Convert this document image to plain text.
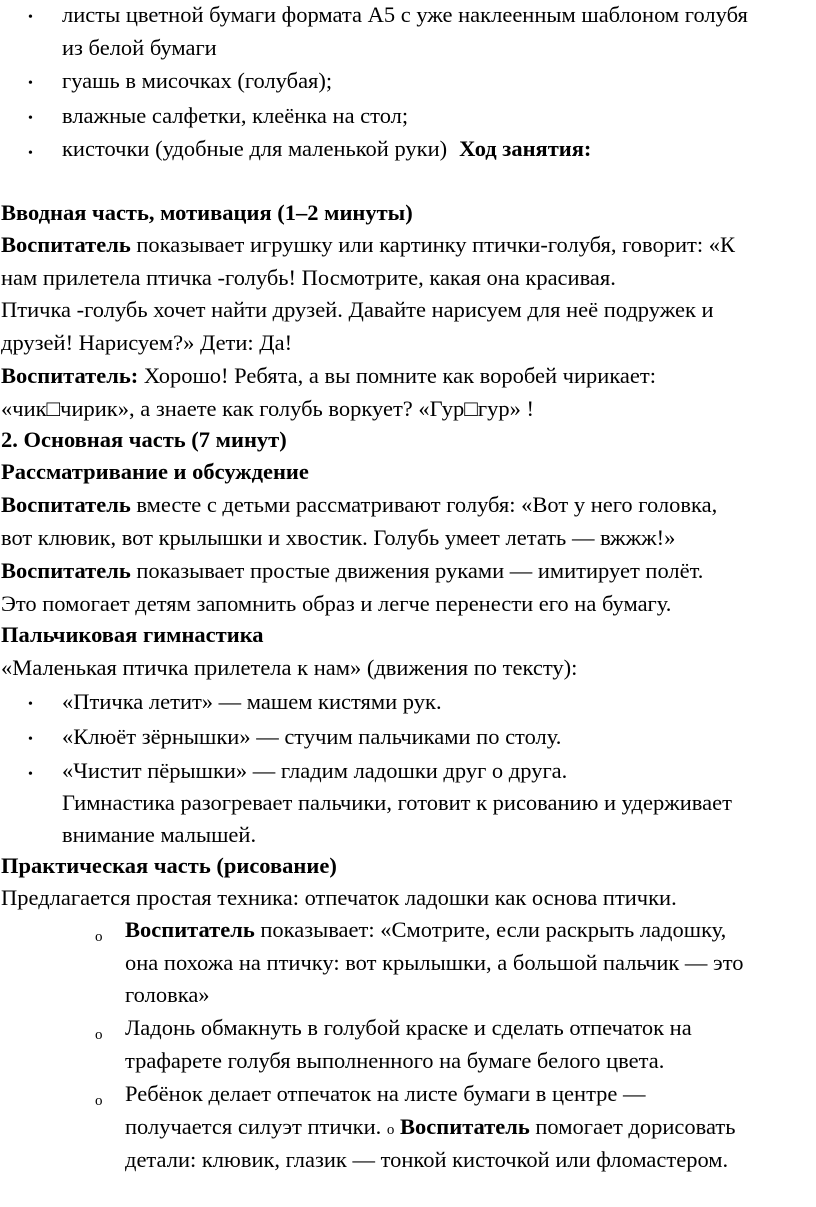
• листы цветной бумаги формата А5 с уже наклеенным шаблоном голубя
из белой бумаги
• гуашь в мисочках (голубая);
• влажные салфетки, клеёнка на стол;
• кисточки (удобные для маленькой руки) Ход занятия:
Вводная часть, мотивация (1–2 минуты)
Воспитатель показывает игрушку или картинку птички-голубя, говорит: «К
нам прилетела птичка -голубь! Посмотрите, какая она красивая.
Птичка -голубь хочет найти друзей. Давайте нарисуем для неё подружек и
друзей! Нарисуем?» Дети: Да!
Воспитатель: Хорошо! Ребята, а вы помните как воробей чирикает:
«чик□чирик», а знаете как голубь воркует? «Гур□гур» !
2. Основная часть (7 минут)
Рассматривание и обсуждение
Воспитатель вместе с детьми рассматривают голубя: «Вот у него головка,
вот клювик, вот крылышки и хвостик. Голубь умеет летать — вжжж!»
Воспитатель показывает простые движения руками — имитирует полёт.
Это помогает детям запомнить образ и легче перенести его на бумагу.
Пальчиковая гимнастика
«Маленькая птичка прилетела к нам» (движения по тексту):
• «Птичка летит» — машем кистями рук.
• «Клюёт зёрнышки» — стучим пальчиками по столу.
• «Чистит пёрышки» — гладим ладошки друг о друга.
Гимнастика разогревает пальчики, готовит к рисованию и удерживает
внимание малышей.
Практическая часть (рисование)
Предлагается простая техника: отпечаток ладошки как основа птички.
o Воспитатель показывает: «Смотрите, если раскрыть ладошку,
она похожа на птичку: вот крылышки, а большой пальчик — это
головка»
o Ладонь обмакнуть в голубой краске и сделать отпечаток на
трафарете голубя выполненного на бумаге белого цвета.
o Ребёнок делает отпечаток на листе бумаги в центре —
получается силуэт птички. o Воспитатель помогает дорисовать
детали: клювик, глазик — тонкой кисточкой или фломастером.
